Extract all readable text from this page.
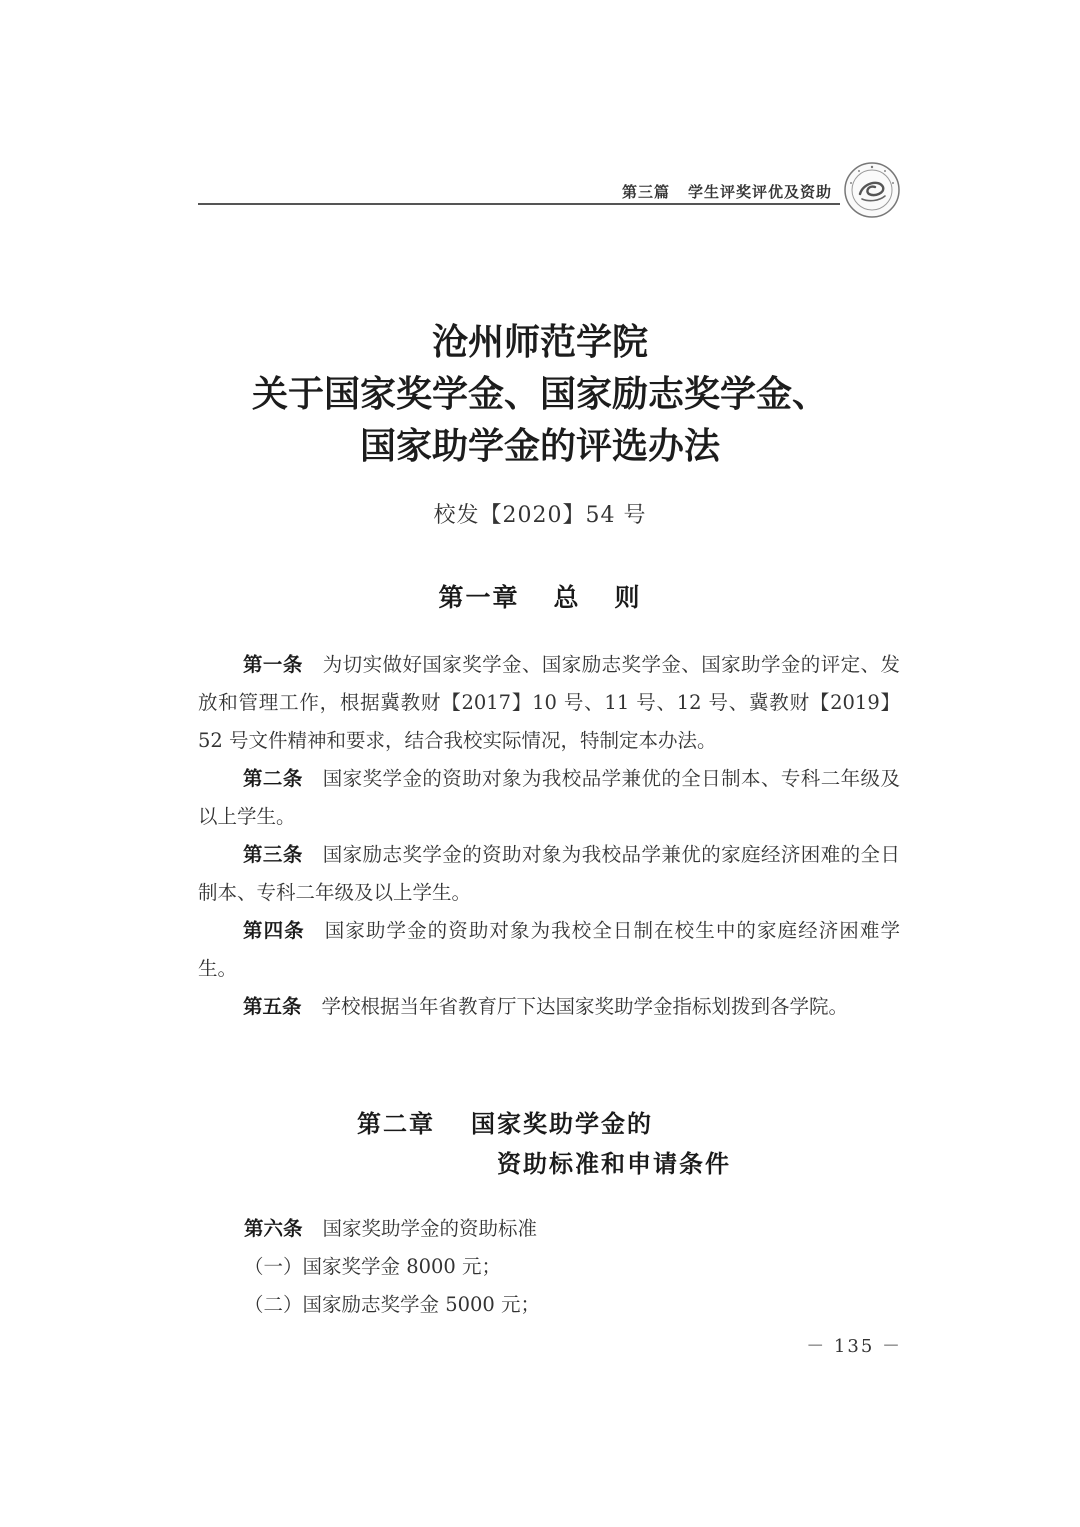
第三篇 学生评奖评优及资助
沧州师范学院
关于国家奖学金、国家励志奖学金、
国家助学金的评选办法
校发【2020】54 号
第一章 总 则

第一条 为切实做好国家奖学金、国家励志奖学金、国家助学金的评定、发放和管理工作，根据冀教财【2017】10 号、11 号、12 号、冀教财【2019】52 号文件精神和要求，结合我校实际情况，特制定本办法。

第二条 国家奖学金的资助对象为我校品学兼优的全日制本、专科二年级及以上学生。

第三条 国家励志奖学金的资助对象为我校品学兼优的家庭经济困难的全日制本、专科二年级及以上学生。

第四条 国家助学金的资助对象为我校全日制在校生中的家庭经济困难学生。

第五条 学校根据当年省教育厅下达国家奖助学金指标划拨到各学院。

第二章 国家奖助学金的
资助标准和申请条件

第六条 国家奖助学金的资助标准

（一）国家奖学金 8000 元；

（二）国家励志奖学金 5000 元；

－ 135 －
